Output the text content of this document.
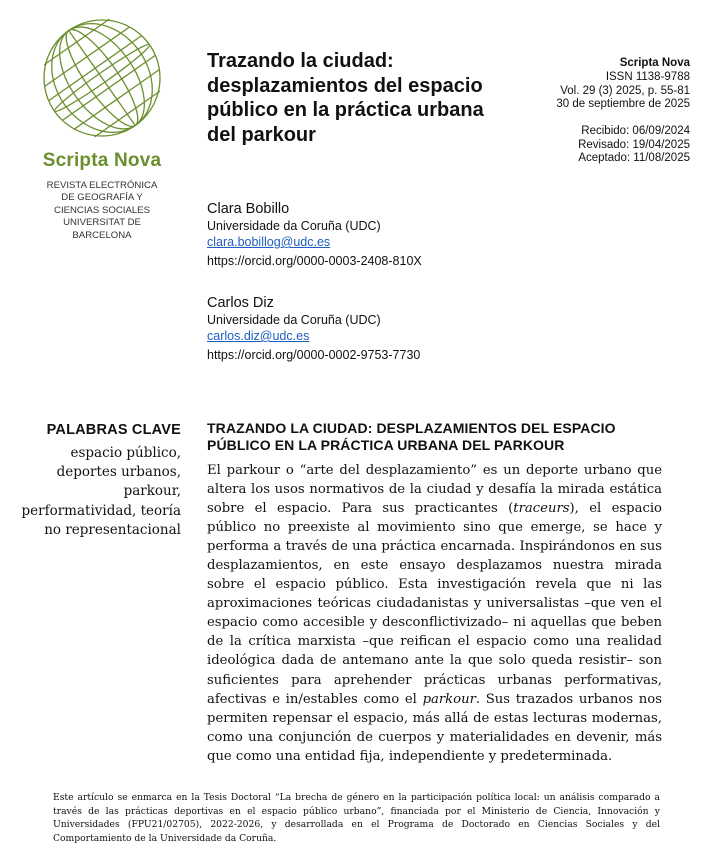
Scripta Nova
REVISTA ELECTRÓNICA
DE GEOGRAFÍA Y
CIENCIAS SOCIALES
UNIVERSITAT DE
BARCELONA
Trazando la ciudad: desplazamientos del espacio público en la práctica urbana del parkour
Scripta Nova
ISSN 1138-9788
Vol. 29 (3) 2025, p. 55-81
30 de septiembre de 2025
Recibido: 06/09/2024
Revisado: 19/04/2025
Aceptado: 11/08/2025
Clara Bobillo
Universidade da Coruña (UDC)
clara.bobillog@udc.es
https://orcid.org/0000-0003-2408-810X
Carlos Diz
Universidade da Coruña (UDC)
carlos.diz@udc.es
https://orcid.org/0000-0002-9753-7730
PALABRAS CLAVE
espacio público,
deportes urbanos,
parkour,
performatividad, teoría
no representacional
TRAZANDO LA CIUDAD: DESPLAZAMIENTOS DEL ESPACIO PÚBLICO EN LA PRÁCTICA URBANA DEL PARKOUR
El parkour o “arte del desplazamiento” es un deporte urbano que altera los usos normativos de la ciudad y desafía la mirada estática sobre el espacio. Para sus practicantes (traceurs), el espacio público no preexiste al movimiento sino que emerge, se hace y performa a través de una práctica encarnada. Inspirándonos en sus desplazamientos, en este ensayo desplazamos nuestra mirada sobre el espacio público. Esta investigación revela que ni las aproximaciones teóricas ciudadanistas y universalistas –que ven el espacio como accesible y desconflictivizado– ni aquellas que beben de la crítica marxista –que reifican el espacio como una realidad ideológica dada de antemano ante la que solo queda resistir– son suficientes para aprehender prácticas urbanas performativas, afectivas e in/estables como el parkour. Sus trazados urbanos nos permiten repensar el espacio, más allá de estas lecturas modernas, como una conjunción de cuerpos y materialidades en devenir, más que como una entidad fija, independiente y predeterminada.
Este artículo se enmarca en la Tesis Doctoral “La brecha de género en la participación política local: un análisis comparado a través de las prácticas deportivas en el espacio público urbano”, financiada por el Ministerio de Ciencia, Innovación y Universidades (FPU21/02705), 2022-2026, y desarrollada en el Programa de Doctorado en Ciencias Sociales y del Comportamiento de la Universidade da Coruña.
